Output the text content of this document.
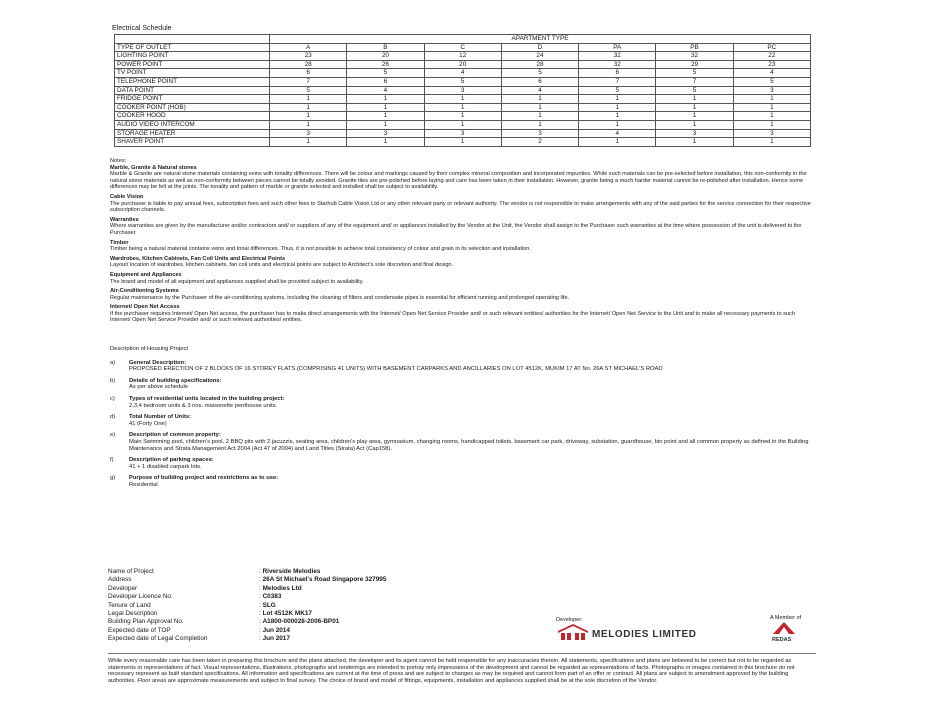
Electrical Schedule
	APARTMENT TYPE						
TYPE OF OUTLET	A	B	C	D	PA	PB	PC
LIGHTING POINT	23	20	12	24	32	32	22
POWER POINT	28	26	20	28	32	29	23
TV POINT	6	5	4	5	6	5	4
TELEPHONE POINT	7	6	5	6	7	7	5
DATA POINT	5	4	3	4	5	5	3
FRIDGE POINT	1	1	1	1	1	1	1
COOKER POINT (HOB)	1	1	1	1	1	1	1
COOKER HOOD	1	1	1	1	1	1	1
AUDIO VIDEO INTERCOM	1	1	1	1	1	1	1
STORAGE HEATER	3	3	3	3	4	3	3
SHAVER POINT	1	1	1	2	1	1	1
Notes:
Marble, Granite & Natural stones
Marble & Granite are natural stone materials containing veins with tonality differences. There will be colour and markings caused by their complex mineral composition and incorporated impurities. While such materials can be pre-selected before installation, this non-conformity in the natural stone materials as well as non-conformity between pieces cannot be totally avoided. Granite tiles are pre-polished before laying and care has been taken in their installation. However, granite being a much harder material cannot be re-polished after installation. Hence some differences may be felt at the joints. The tonality and pattern of marble or granite selected and installed shall be subject to availability.
Cable Vision
The purchaser is liable to pay annual fees, subscription fees and such other fees to Starhub Cable Vision Ltd or any other relevant party or relevant authority. The vendor is not responsible to make arrangements with any of the said parties for the service connection for their respective subscription channels.
Warranties
Where warranties are given by the manufacturer and/or contractors and/ or suppliers of any of the equipment and/ or appliances installed by the Vendor at the Unit, the Vendor shall assign to the Purchaser such warranties at the time where possession of the unit is delivered to the Purchaser.
Timber
Timber being a natural material contains veins and tonal differences. Thus, it is not possible to achieve total consistency of colour and grain in its selection and installation.
Wardrobes, Kitchen Cabinets, Fan Coil Units and Electrical Points
Layout/ location of wardrobes, kitchen cabinets, fan coil units and electrical points are subject to Architect's sole discretion and final design.
Equipment and Appliances
The brand and model of all equipment and appliances supplied shall be provided subject to availability.
Air-Conditioning Systems
Regular maintenance by the Purchaser of the air-conditioning systems, including the cleaning of filters and condensate pipes is essential for efficient running and prolonged operating life.
Internet/ Open Net Access
If the purchaser requires Internet/ Open Net access, the purchaser has to make direct arrangements with the Internet/ Open Net Service Provider and/ or such relevant entities/ authorities for the Internet/ Open Net Service to the Unit and to make all necessary payments to such Internet/ Open Net Service Provider and/ or such relevant authorities/ entities.
Description of Housing Project
a) General Description:
PROPOSED ERECTION OF 2 BLOCKS OF 16 STOREY FLATS (COMPRISING 41 UNITS) WITH BASEMENT CARPARKS AND ANCILLARIES ON LOT 4512K, MUKIM 17 AT No. 26A ST MICHAEL'S ROAD
b) Details of building specifications:
As per above schedule
c) Types of residential units located in the building project:
2,3,4 bedroom units & 3 nos. maisonette penthouse units.
d) Total Number of Units:
41 (Forty One)
e) Description of common property:
Main Swimming pool, children's pool, 2 BBQ pits with 2 jacuzzis, seating area, children's play area, gymnasium, changing rooms, handicapped toilets, basement car park, driveway, substation, guardhouse, bin point and all common property as defined in the Building Maintenance and Strata Management Act 2004 (Act 47 of 2004) and Land Titles (Strata) Act (Cap158).
f)	Description of parking spaces:
41 + 1 disabled carpark lots.
g) Purpose of building project and restrictions as to use:
Residential
Name of Project	: Riverside Melodies
Address	: 26A St Michael's Road Singapore 327995
Developer	: Melodies Ltd
Developer Licence No.	: C0383
Tenure of Land	: SLG
Legal Description	: Lot 4512K MK17
Building Plan Approval No.	: A1800-000028-2006-BP01
Expected date of TOP	: Jun 2014
Expected date of Legal Completion	: Jun 2017
Developer:
MELODIES LIMITED
A Member of
REDAS
While every reasonable care has been taken in preparing this brochure and the plans attached, the developer and its agent cannot be held responsible for any inaccuracies therein. All statements, specifications and plans are believed to be correct but not to be regarded as statements or representations of fact. Visual representations, illustrations, photographs and renderings are intended to portray only impressions of the development and cannot be regarded as representations of facts. Photographs or images contained in this brochure do not necessary represent as built standard specifications. All information and specifications are current at the time of press and are subject to changes as may be required and cannot form part of an offer or contract. All plans are subject to amendment approved by the building authorities. Floor areas are approximate measurements and subject to final survey. The choice of brand and model of fittings, equipments, installation and appliances supplied shall be at the sole discretion of the Vendor.
